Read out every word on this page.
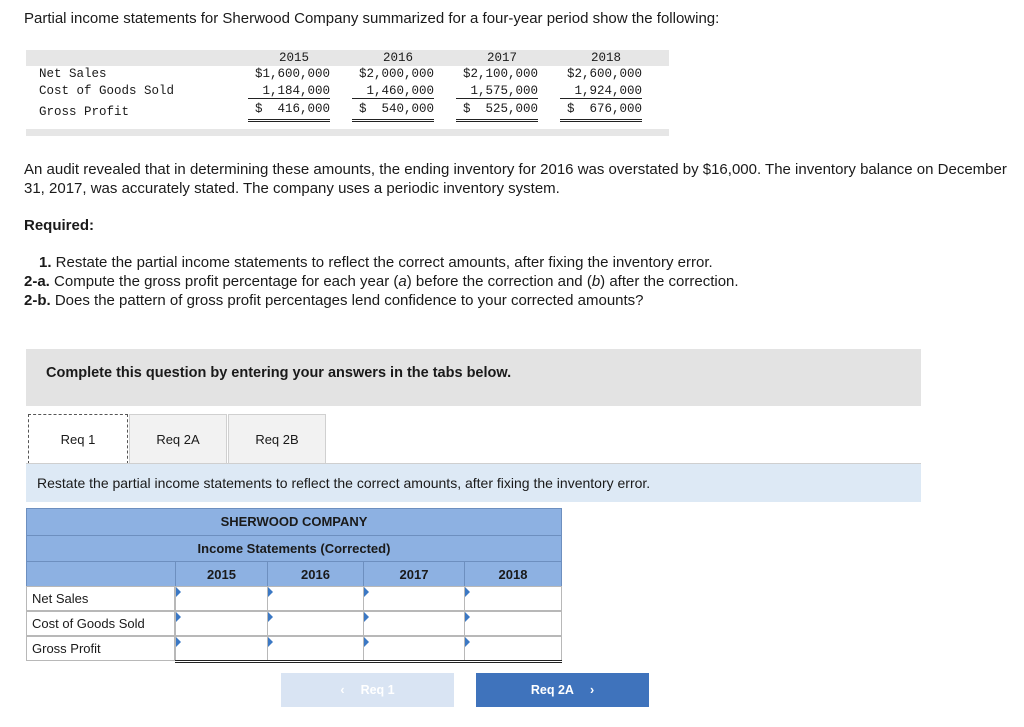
Partial income statements for Sherwood Company summarized for a four-year period show the following:
2015	2016	2017	2018
Net Sales	$1,600,000	$2,000,000	$2,100,000	$2,600,000
Cost of Goods Sold	1,184,000	1,460,000	1,575,000	1,924,000
Gross Profit	$  416,000	$  540,000	$  525,000	$  676,000
An audit revealed that in determining these amounts, the ending inventory for 2016 was overstated by $16,000. The inventory balance on December 31, 2017, was accurately stated. The company uses a periodic inventory system.
Required:
1. Restate the partial income statements to reflect the correct amounts, after fixing the inventory error.
2-a. Compute the gross profit percentage for each year (a) before the correction and (b) after the correction.
2-b. Does the pattern of gross profit percentages lend confidence to your corrected amounts?
Complete this question by entering your answers in the tabs below.
Req 1	Req 2A	Req 2B
Restate the partial income statements to reflect the correct amounts, after fixing the inventory error.
SHERWOOD COMPANY
Income Statements (Corrected)
2015	2016	2017	2018
Net Sales
Cost of Goods Sold
Gross Profit
‹ Req 1	Req 2A ›
